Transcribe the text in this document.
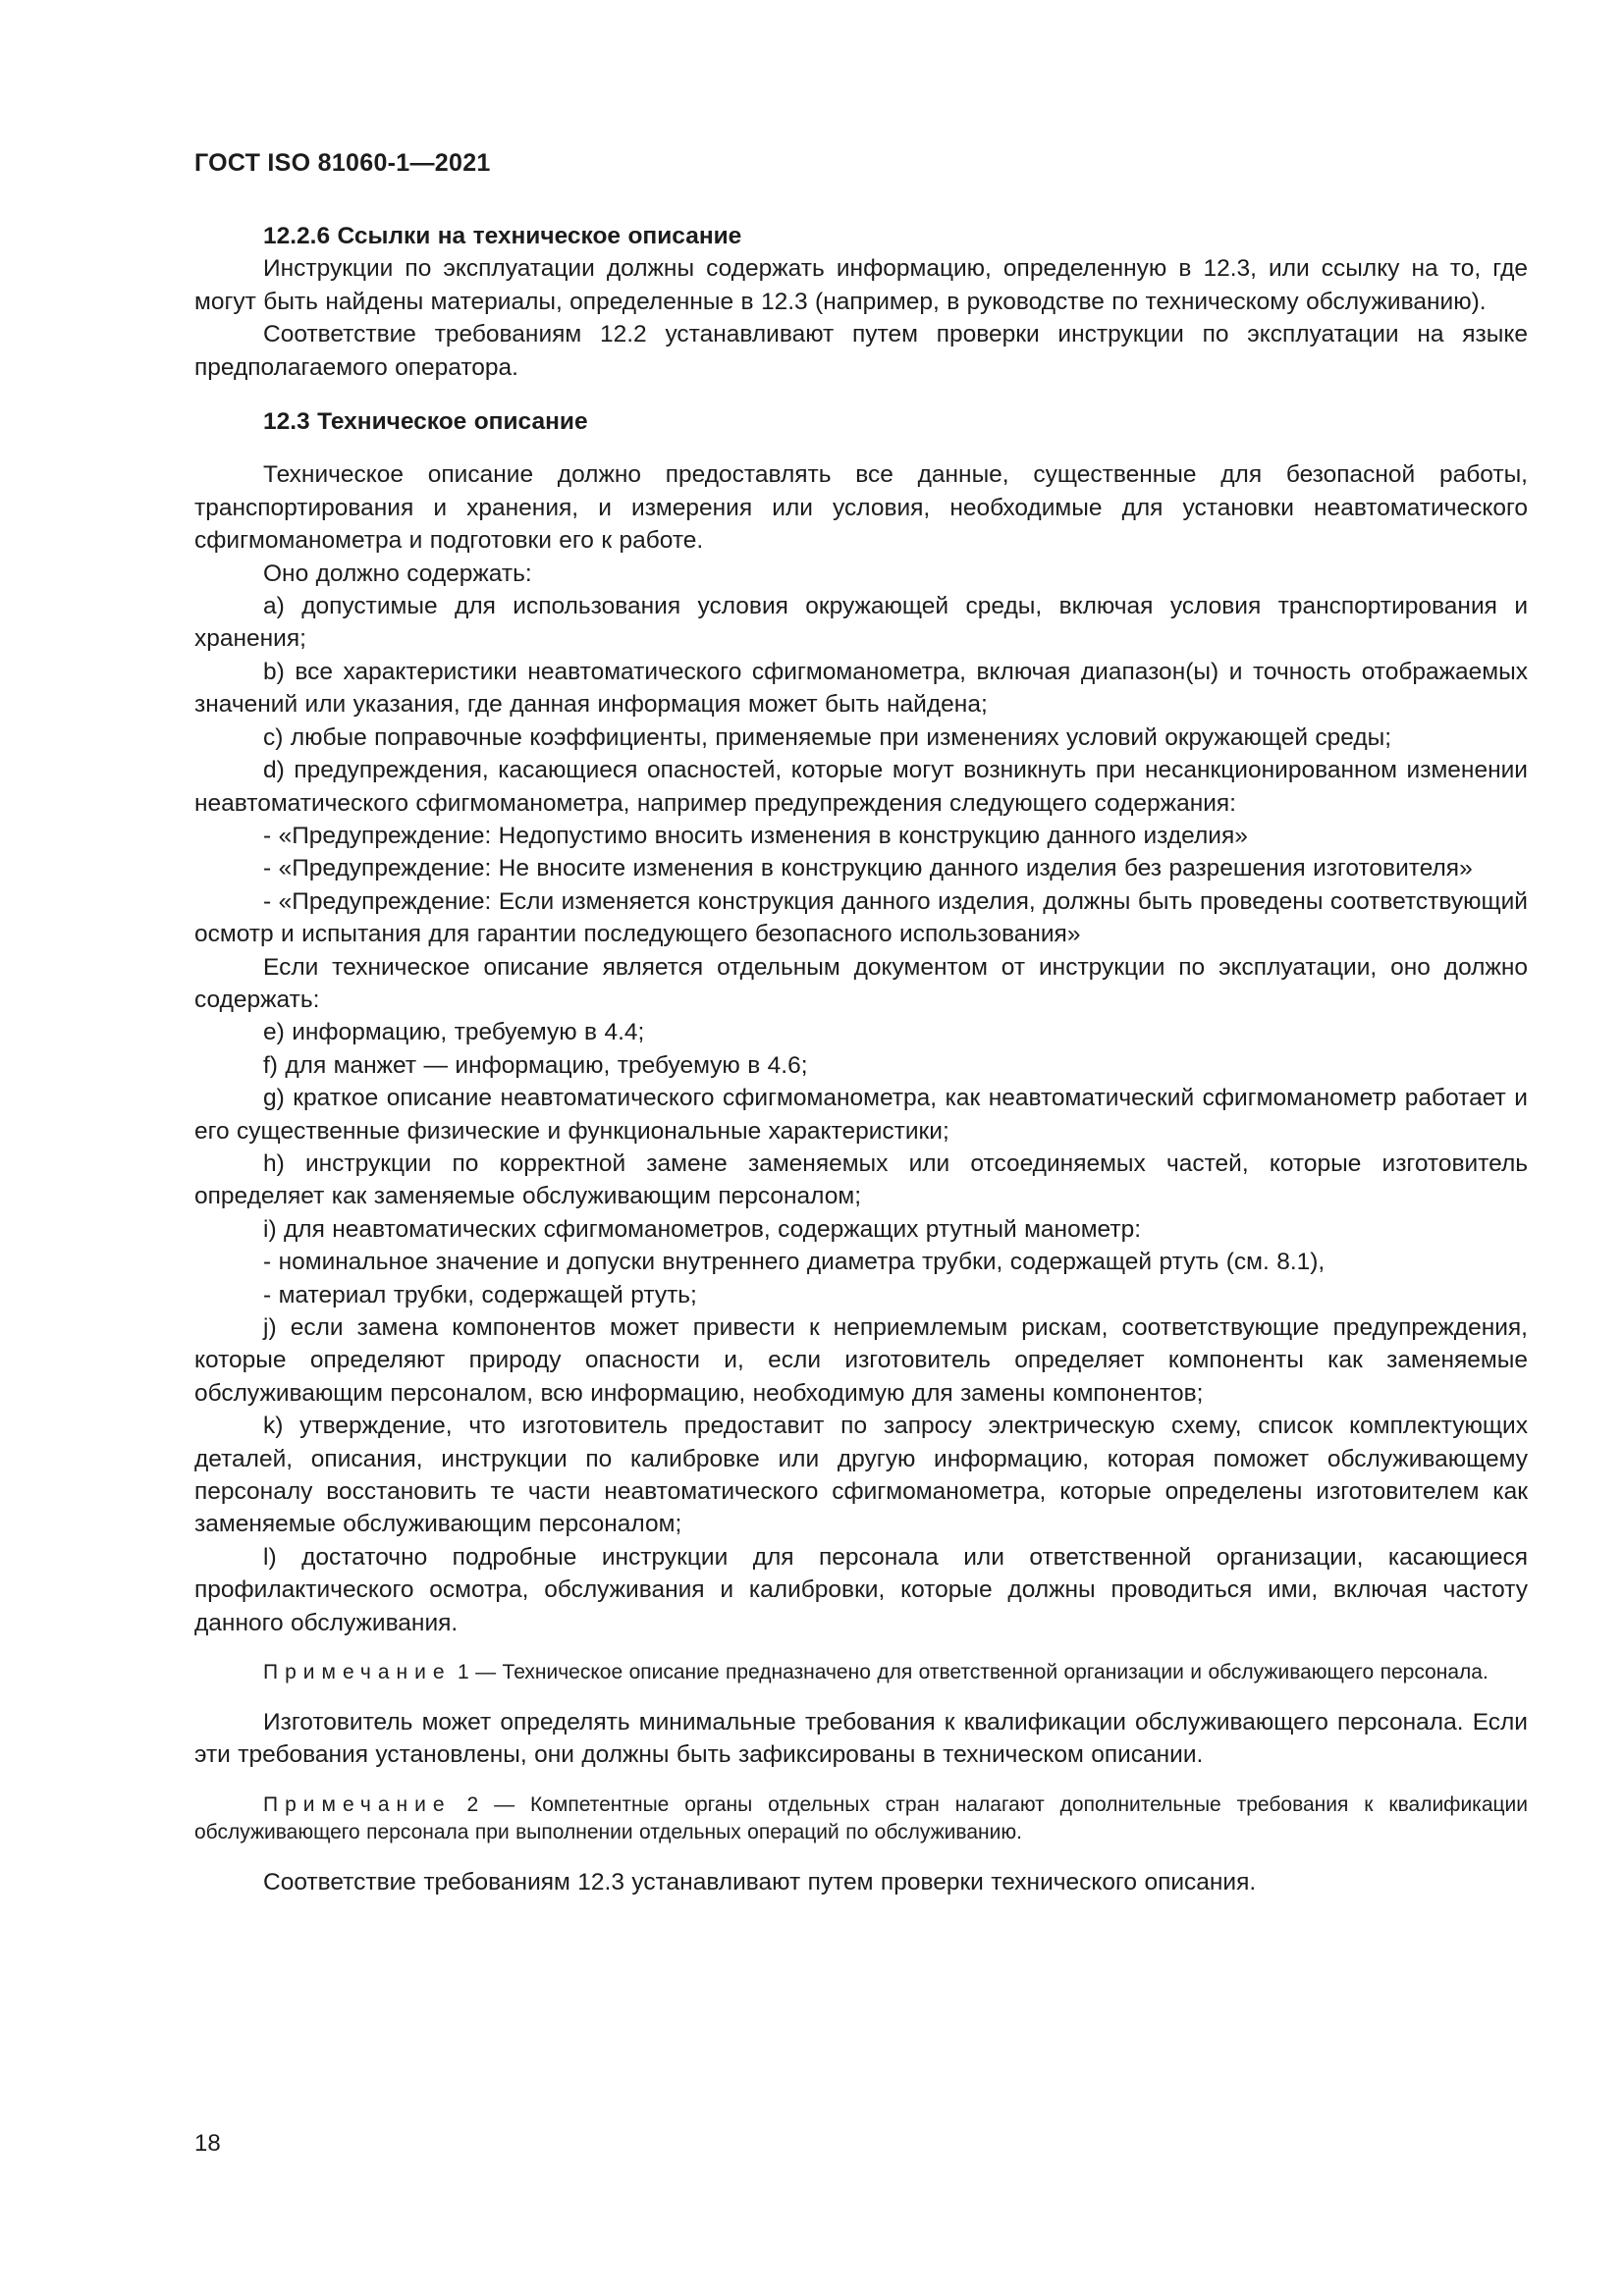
ГОСТ ISO 81060-1—2021

12.2.6 Ссылки на техническое описание

Инструкции по эксплуатации должны содержать информацию, определенную в 12.3, или ссылку на то, где могут быть найдены материалы, определенные в 12.3 (например, в руководстве по техническому обслуживанию).

Соответствие требованиям 12.2 устанавливают путем проверки инструкции по эксплуатации на языке предполагаемого оператора.

12.3 Техническое описание

Техническое описание должно предоставлять все данные, существенные для безопасной работы, транспортирования и хранения, и измерения или условия, необходимые для установки неавтоматического сфигмоманометра и подготовки его к работе.

Оно должно содержать:

a) допустимые для использования условия окружающей среды, включая условия транспортирования и хранения;

b) все характеристики неавтоматического сфигмоманометра, включая диапазон(ы) и точность отображаемых значений или указания, где данная информация может быть найдена;

c) любые поправочные коэффициенты, применяемые при изменениях условий окружающей среды;

d) предупреждения, касающиеся опасностей, которые могут возникнуть при несанкционированном изменении неавтоматического сфигмоманометра, например предупреждения следующего содержания:

- «Предупреждение: Недопустимо вносить изменения в конструкцию данного изделия»

- «Предупреждение: Не вносите изменения в конструкцию данного изделия без разрешения изготовителя»

- «Предупреждение: Если изменяется конструкция данного изделия, должны быть проведены соответствующий осмотр и испытания для гарантии последующего безопасного использования»

Если техническое описание является отдельным документом от инструкции по эксплуатации, оно должно содержать:

e) информацию, требуемую в 4.4;

f) для манжет — информацию, требуемую в 4.6;

g) краткое описание неавтоматического сфигмоманометра, как неавтоматический сфигмоманометр работает и его существенные физические и функциональные характеристики;

h) инструкции по корректной замене заменяемых или отсоединяемых частей, которые изготовитель определяет как заменяемые обслуживающим персоналом;

i) для неавтоматических сфигмоманометров, содержащих ртутный манометр:

- номинальное значение и допуски внутреннего диаметра трубки, содержащей ртуть (см. 8.1),

- материал трубки, содержащей ртуть;

j) если замена компонентов может привести к неприемлемым рискам, соответствующие предупреждения, которые определяют природу опасности и, если изготовитель определяет компоненты как заменяемые обслуживающим персоналом, всю информацию, необходимую для замены компонентов;

k) утверждение, что изготовитель предоставит по запросу электрическую схему, список комплектующих деталей, описания, инструкции по калибровке или другую информацию, которая поможет обслуживающему персоналу восстановить те части неавтоматического сфигмоманометра, которые определены изготовителем как заменяемые обслуживающим персоналом;

l) достаточно подробные инструкции для персонала или ответственной организации, касающиеся профилактического осмотра, обслуживания и калибровки, которые должны проводиться ими, включая частоту данного обслуживания.

Примечание 1 — Техническое описание предназначено для ответственной организации и обслуживающего персонала.

Изготовитель может определять минимальные требования к квалификации обслуживающего персонала. Если эти требования установлены, они должны быть зафиксированы в техническом описании.

Примечание 2 — Компетентные органы отдельных стран налагают дополнительные требования к квалификации обслуживающего персонала при выполнении отдельных операций по обслуживанию.

Соответствие требованиям 12.3 устанавливают путем проверки технического описания.

18
